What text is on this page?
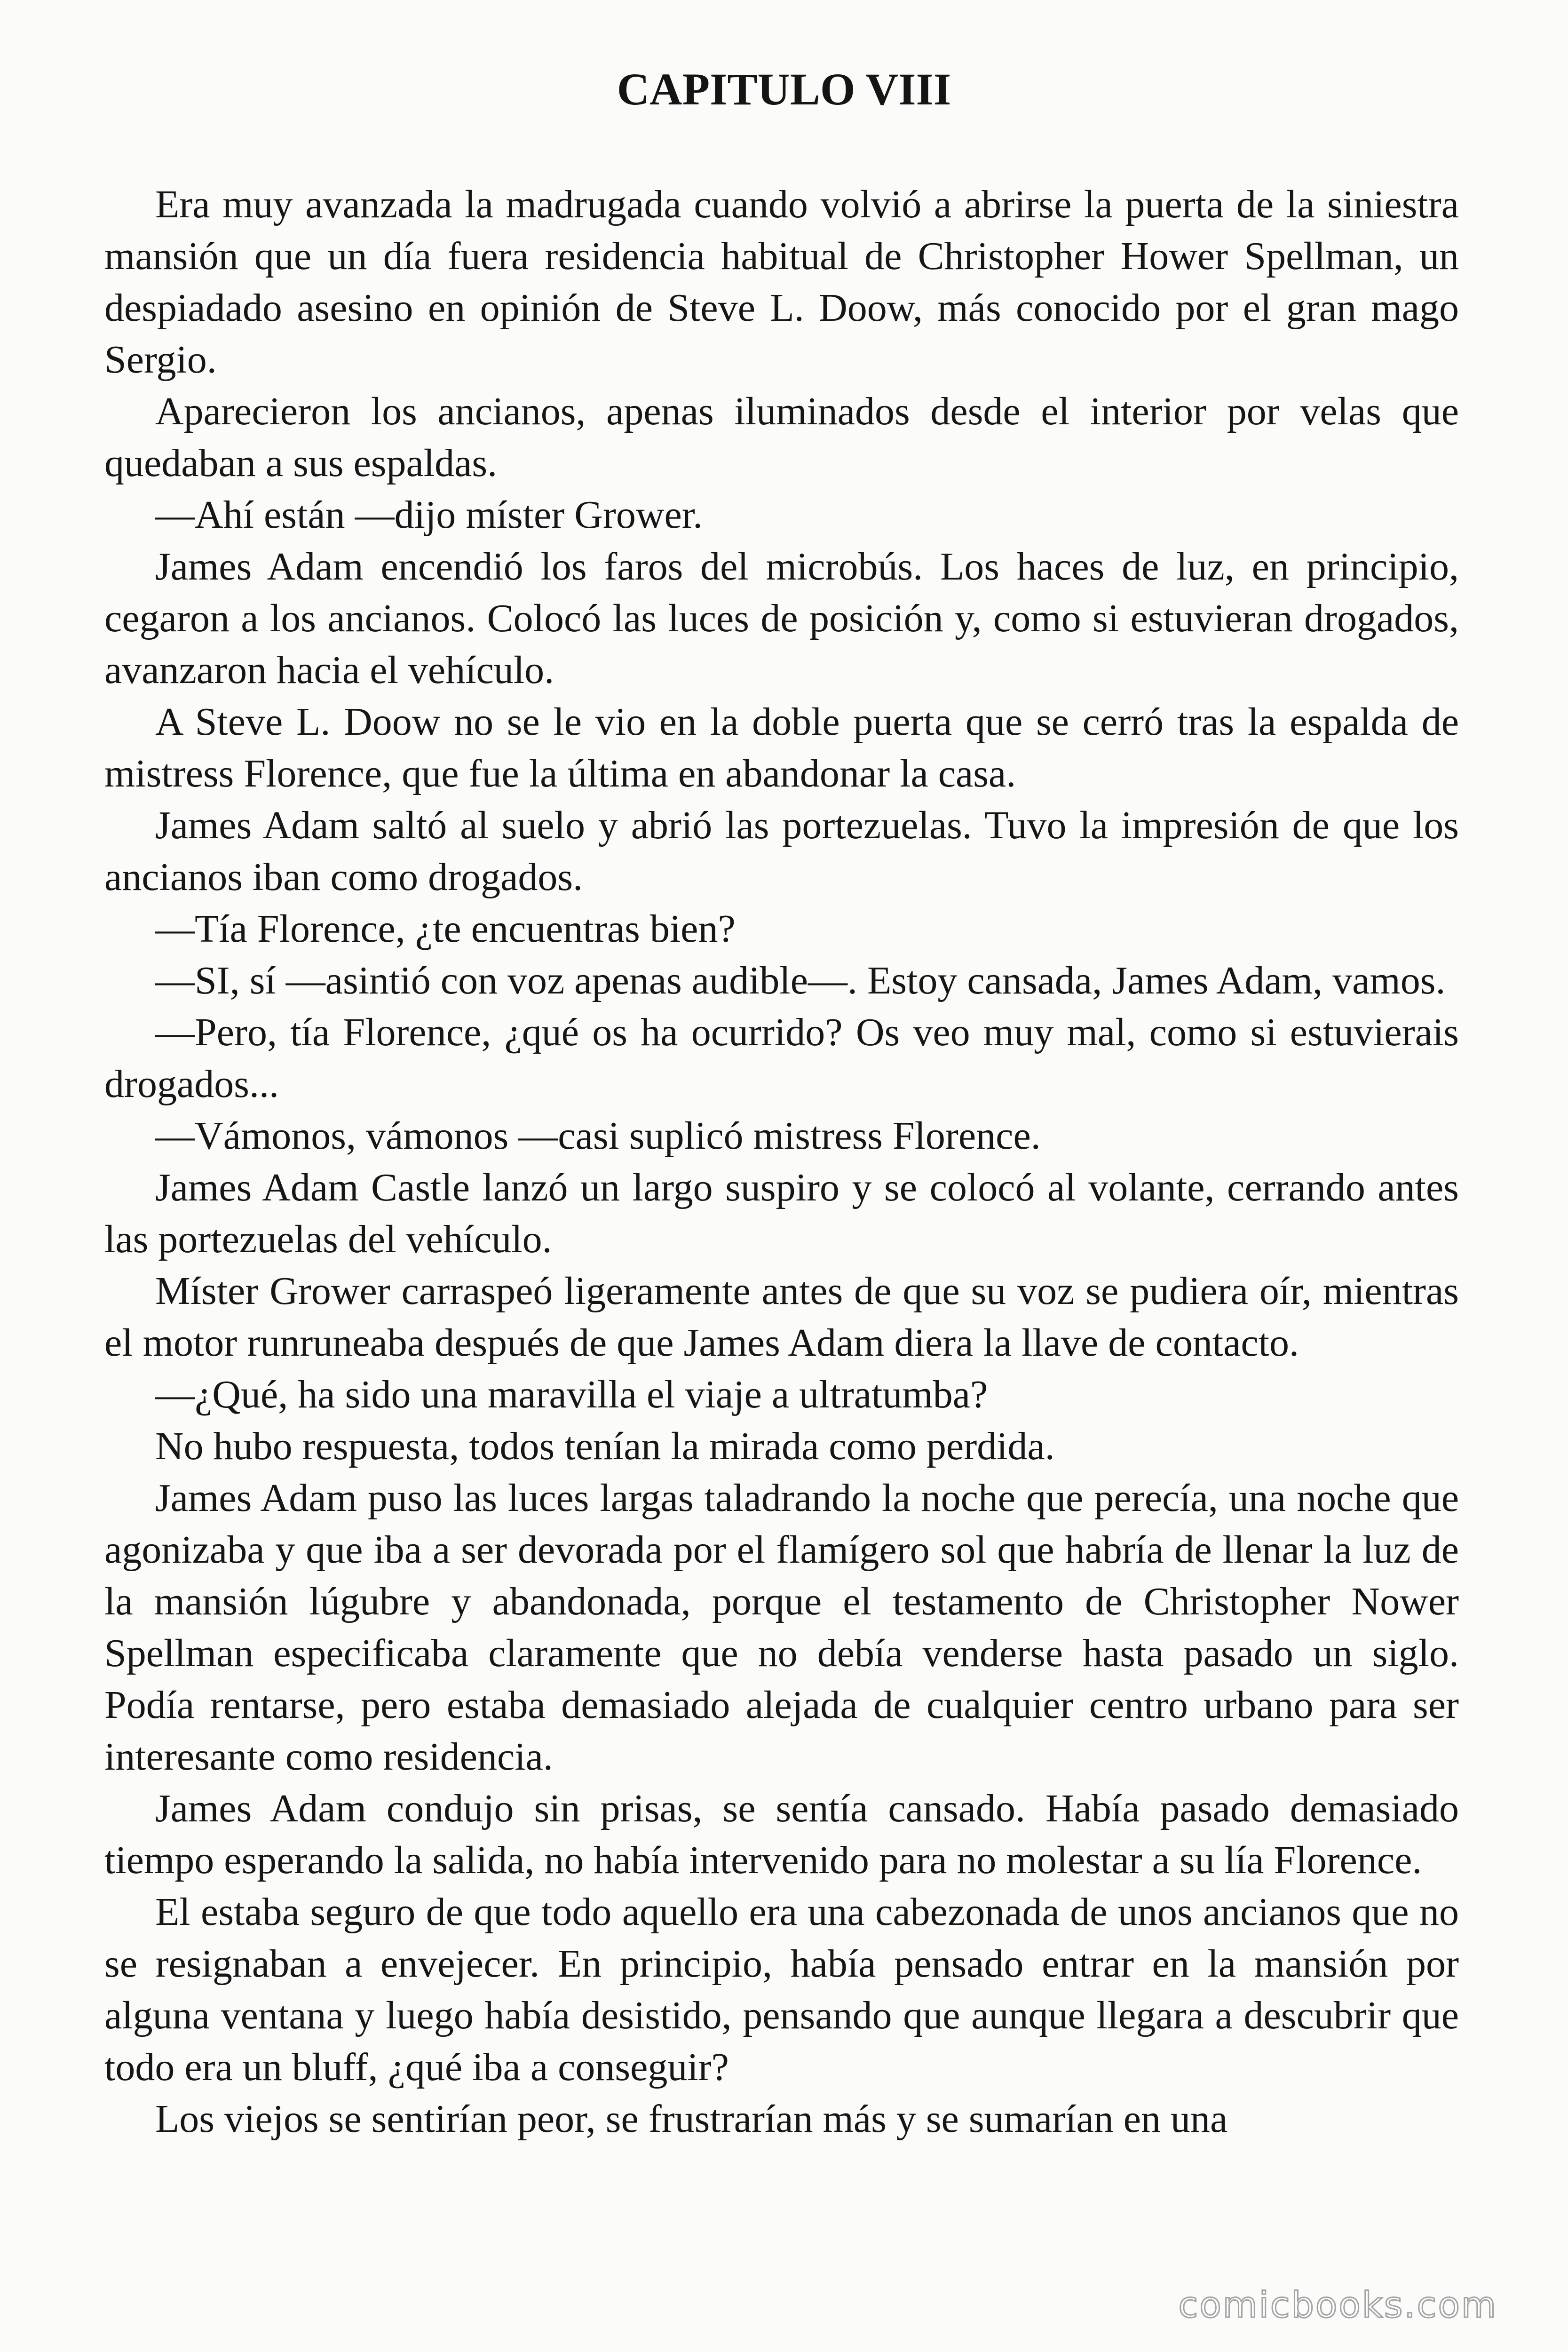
CAPITULO VIII

Era muy avanzada la madrugada cuando volvió a abrirse la puerta de la siniestra mansión que un día fuera residencia habitual de Christopher Hower Spellman, un despiadado asesino en opinión de Steve L. Doow, más conocido por el gran mago Sergio.

Aparecieron los ancianos, apenas iluminados desde el interior por velas que quedaban a sus espaldas.

—Ahí están —dijo míster Grower.

James Adam encendió los faros del microbús. Los haces de luz, en principio, cegaron a los ancianos. Colocó las luces de posición y, como si estuvieran drogados, avanzaron hacia el vehículo.

A Steve L. Doow no se le vio en la doble puerta que se cerró tras la espalda de mistress Florence, que fue la última en abandonar la casa.

James Adam saltó al suelo y abrió las portezuelas. Tuvo la impresión de que los ancianos iban como drogados.

—Tía Florence, ¿te encuentras bien?

—SI, sí —asintió con voz apenas audible—. Estoy cansada, James Adam, vamos.

—Pero, tía Florence, ¿qué os ha ocurrido? Os veo muy mal, como si estuvierais drogados...

—Vámonos, vámonos —casi suplicó mistress Florence.

James Adam Castle lanzó un largo suspiro y se colocó al volante, cerrando antes las portezuelas del vehículo.

Míster Grower carraspeó ligeramente antes de que su voz se pudiera oír, mientras el motor runruneaba después de que James Adam diera la llave de contacto.

—¿Qué, ha sido una maravilla el viaje a ultratumba?

No hubo respuesta, todos tenían la mirada como perdida.

James Adam puso las luces largas taladrando la noche que perecía, una noche que agonizaba y que iba a ser devorada por el flamígero sol que habría de llenar la luz de la mansión lúgubre y abandonada, porque el testamento de Christopher Nower Spellman especificaba claramente que no debía venderse hasta pasado un siglo. Podía rentarse, pero estaba demasiado alejada de cualquier centro urbano para ser interesante como residencia.

James Adam condujo sin prisas, se sentía cansado. Había pasado demasiado tiempo esperando la salida, no había intervenido para no molestar a su lía Florence.

El estaba seguro de que todo aquello era una cabezonada de unos ancianos que no se resignaban a envejecer. En principio, había pensado entrar en la mansión por alguna ventana y luego había desistido, pensando que aunque llegara a descubrir que todo era un bluff, ¿qué iba a conseguir?

Los viejos se sentirían peor, se frustrarían más y se sumarían en una

comicbooks.com
